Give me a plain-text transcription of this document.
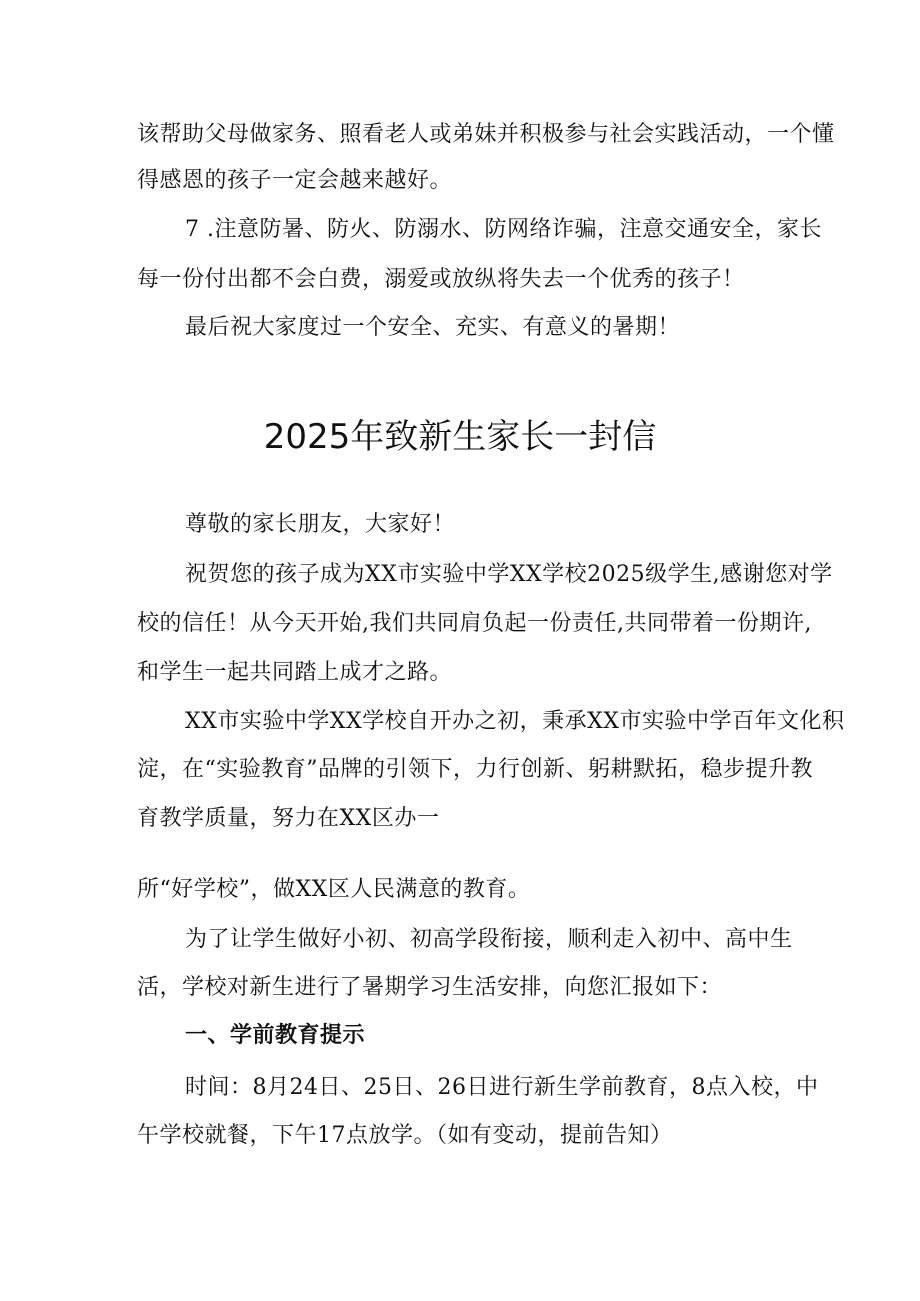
该帮助父母做家务、照看老人或弟妹并积极参与社会实践活动，一个懂
得感恩的孩子一定会越来越好。
7 .注意防暑、防火、防溺水、防网络诈骗，注意交通安全，家长
每一份付出都不会白费，溺爱或放纵将失去一个优秀的孩子！
最后祝大家度过一个安全、充实、有意义的暑期！
2025年致新生家长一封信
尊敬的家长朋友，大家好！
祝贺您的孩子成为XX市实验中学XX学校2025级学生,感谢您对学
校的信任！从今天开始,我们共同肩负起一份责任,共同带着一份期许,
和学生一起共同踏上成才之路。
XX市实验中学XX学校自开办之初，秉承XX市实验中学百年文化积
淀，在“实验教育”品牌的引领下，力行创新、躬耕默拓，稳步提升教
育教学质量，努力在XX区办一
所“好学校”，做XX区人民满意的教育。
为了让学生做好小初、初高学段衔接，顺利走入初中、高中生
活，学校对新生进行了暑期学习生活安排，向您汇报如下：
一、学前教育提示
时间：8月24日、25日、26日进行新生学前教育，8点入校，中
午学校就餐，下午17点放学。（如有变动，提前告知）
